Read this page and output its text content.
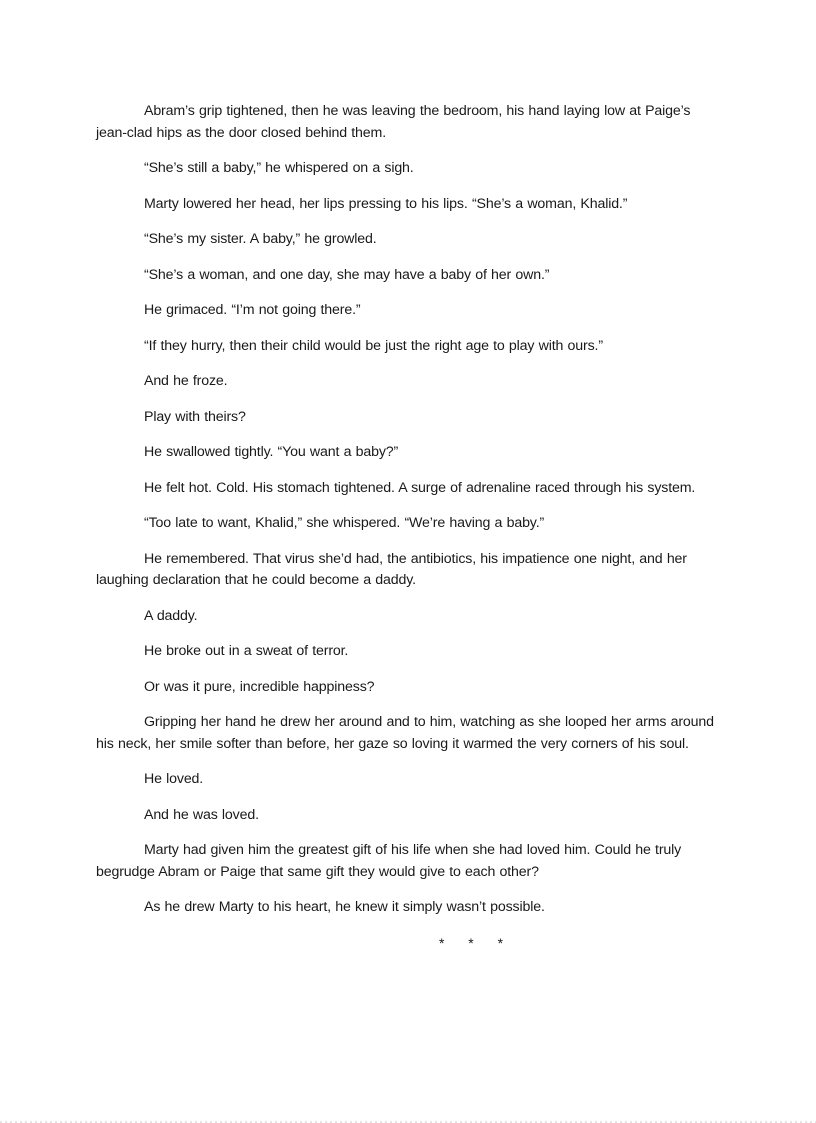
Abram’s grip tightened, then he was leaving the bedroom, his hand laying low at Paige’s jean-clad hips as the door closed behind them.

“She’s still a baby,” he whispered on a sigh.

Marty lowered her head, her lips pressing to his lips. “She’s a woman, Khalid.”

“She’s my sister. A baby,” he growled.

“She’s a woman, and one day, she may have a baby of her own.”

He grimaced. “I’m not going there.”

“If they hurry, then their child would be just the right age to play with ours.”

And he froze.

Play with theirs?

He swallowed tightly. “You want a baby?”

He felt hot. Cold. His stomach tightened. A surge of adrenaline raced through his system.

“Too late to want, Khalid,” she whispered. “We’re having a baby.”

He remembered. That virus she’d had, the antibiotics, his impatience one night, and her laughing declaration that he could become a daddy.

A daddy.

He broke out in a sweat of terror.

Or was it pure, incredible happiness?

Gripping her hand he drew her around and to him, watching as she looped her arms around his neck, her smile softer than before, her gaze so loving it warmed the very corners of his soul.

He loved.

And he was loved.

Marty had given him the greatest gift of his life when she had loved him. Could he truly begrudge Abram or Paige that same gift they would give to each other?

As he drew Marty to his heart, he knew it simply wasn’t possible.

* * *
